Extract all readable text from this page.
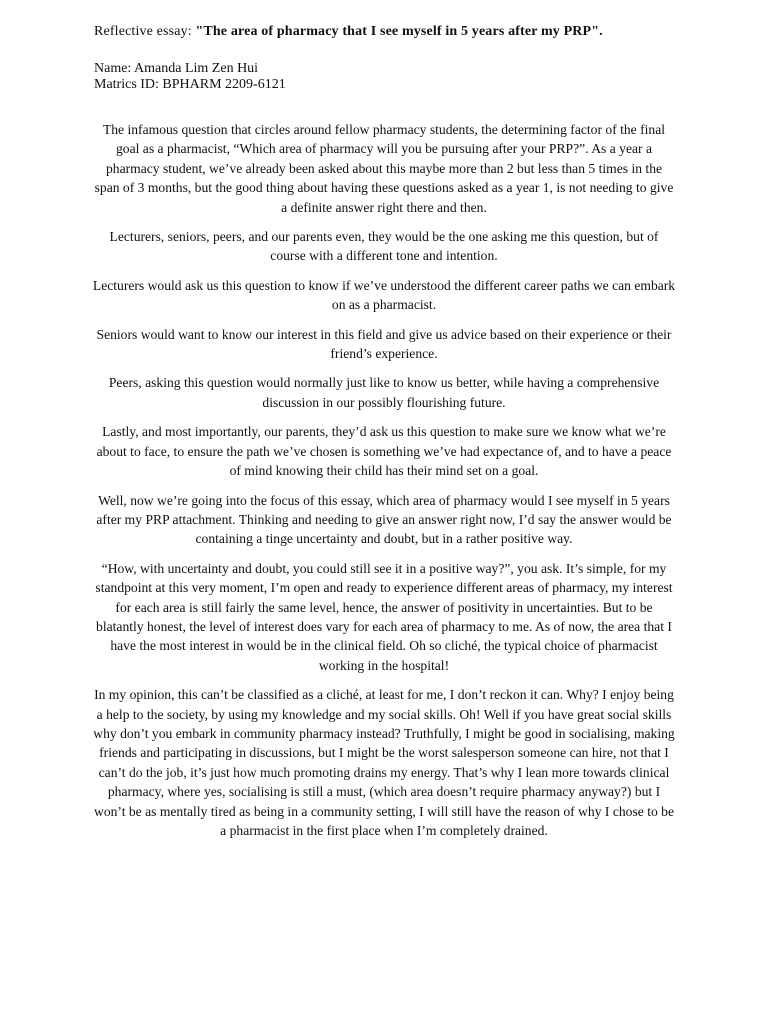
Reflective essay: "The area of pharmacy that I see myself in 5 years after my PRP".
Name: Amanda Lim Zen Hui
Matrics ID: BPHARM 2209-6121

The infamous question that circles around fellow pharmacy students, the determining factor of the final goal as a pharmacist, “Which area of pharmacy will you be pursuing after your PRP?”. As a year a pharmacy student, we’ve already been asked about this maybe more than 2 but less than 5 times in the span of 3 months, but the good thing about having these questions asked as a year 1, is not needing to give a definite answer right there and then.

Lecturers, seniors, peers, and our parents even, they would be the one asking me this question, but of course with a different tone and intention.

Lecturers would ask us this question to know if we’ve understood the different career paths we can embark on as a pharmacist.

Seniors would want to know our interest in this field and give us advice based on their experience or their friend’s experience.

Peers, asking this question would normally just like to know us better, while having a comprehensive discussion in our possibly flourishing future.

Lastly, and most importantly, our parents, they’d ask us this question to make sure we know what we’re about to face, to ensure the path we’ve chosen is something we’ve had expectance of, and to have a peace of mind knowing their child has their mind set on a goal.

Well, now we’re going into the focus of this essay, which area of pharmacy would I see myself in 5 years after my PRP attachment. Thinking and needing to give an answer right now, I’d say the answer would be containing a tinge uncertainty and doubt, but in a rather positive way.

“How, with uncertainty and doubt, you could still see it in a positive way?”, you ask. It’s simple, for my standpoint at this very moment, I’m open and ready to experience different areas of pharmacy, my interest for each area is still fairly the same level, hence, the answer of positivity in uncertainties. But to be blatantly honest, the level of interest does vary for each area of pharmacy to me. As of now, the area that I have the most interest in would be in the clinical field. Oh so cliché, the typical choice of pharmacist working in the hospital!

In my opinion, this can’t be classified as a cliché, at least for me, I don’t reckon it can. Why? I enjoy being a help to the society, by using my knowledge and my social skills. Oh! Well if you have great social skills why don’t you embark in community pharmacy instead? Truthfully, I might be good in socialising, making friends and participating in discussions, but I might be the worst salesperson someone can hire, not that I can’t do the job, it’s just how much promoting drains my energy. That’s why I lean more towards clinical pharmacy, where yes, socialising is still a must, (which area doesn’t require pharmacy anyway?) but I won’t be as mentally tired as being in a community setting, I will still have the reason of why I chose to be a pharmacist in the first place when I’m completely drained.
